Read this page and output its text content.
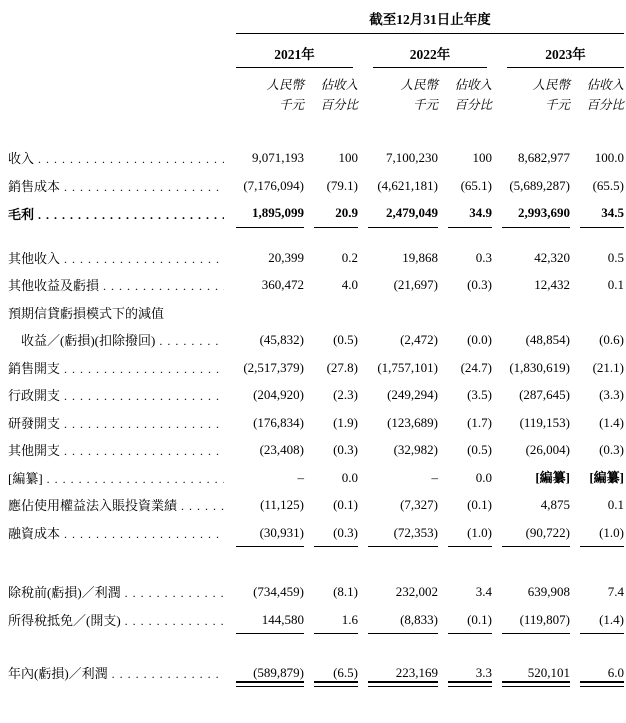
截至12月31日止年度
2021年	2022年	2023年
人民幣	佔收入	人民幣	佔收入	人民幣	佔收入
千元	百分比	千元	百分比	千元	百分比
收入 . . .	9,071,193	100	7,100,230	100	8,682,977	100.0
銷售成本 . . .	(7,176,094)	(79.1)	(4,621,181)	(65.1)	(5,689,287)	(65.5)
毛利 . . .	1,895,099	20.9	2,479,049	34.9	2,993,690	34.5
其他收入 . . .	20,399	0.2	19,868	0.3	42,320	0.5
其他收益及虧損 . . .	360,472	4.0	(21,697)	(0.3)	12,432	0.1
預期信貸虧損模式下的減值
收益／(虧損)(扣除撥回) . . .	(45,832)	(0.5)	(2,472)	(0.0)	(48,854)	(0.6)
銷售開支 . . .	(2,517,379)	(27.8)	(1,757,101)	(24.7)	(1,830,619)	(21.1)
行政開支 . . .	(204,920)	(2.3)	(249,294)	(3.5)	(287,645)	(3.3)
研發開支 . . .	(176,834)	(1.9)	(123,689)	(1.7)	(119,153)	(1.4)
其他開支 . . .	(23,408)	(0.3)	(32,982)	(0.5)	(26,004)	(0.3)
[編纂] . . .	–	0.0	–	0.0	[編纂]	[編纂]
應佔使用權益法入賬投資業績 . . .	(11,125)	(0.1)	(7,327)	(0.1)	4,875	0.1
融資成本 . . .	(30,931)	(0.3)	(72,353)	(1.0)	(90,722)	(1.0)
除稅前(虧損)／利潤 . . .	(734,459)	(8.1)	232,002	3.4	639,908	7.4
所得稅抵免／(開支) . . .	144,580	1.6	(8,833)	(0.1)	(119,807)	(1.4)
年內(虧損)／利潤 . . .	(589,879)	(6.5)	223,169	3.3	520,101	6.0
